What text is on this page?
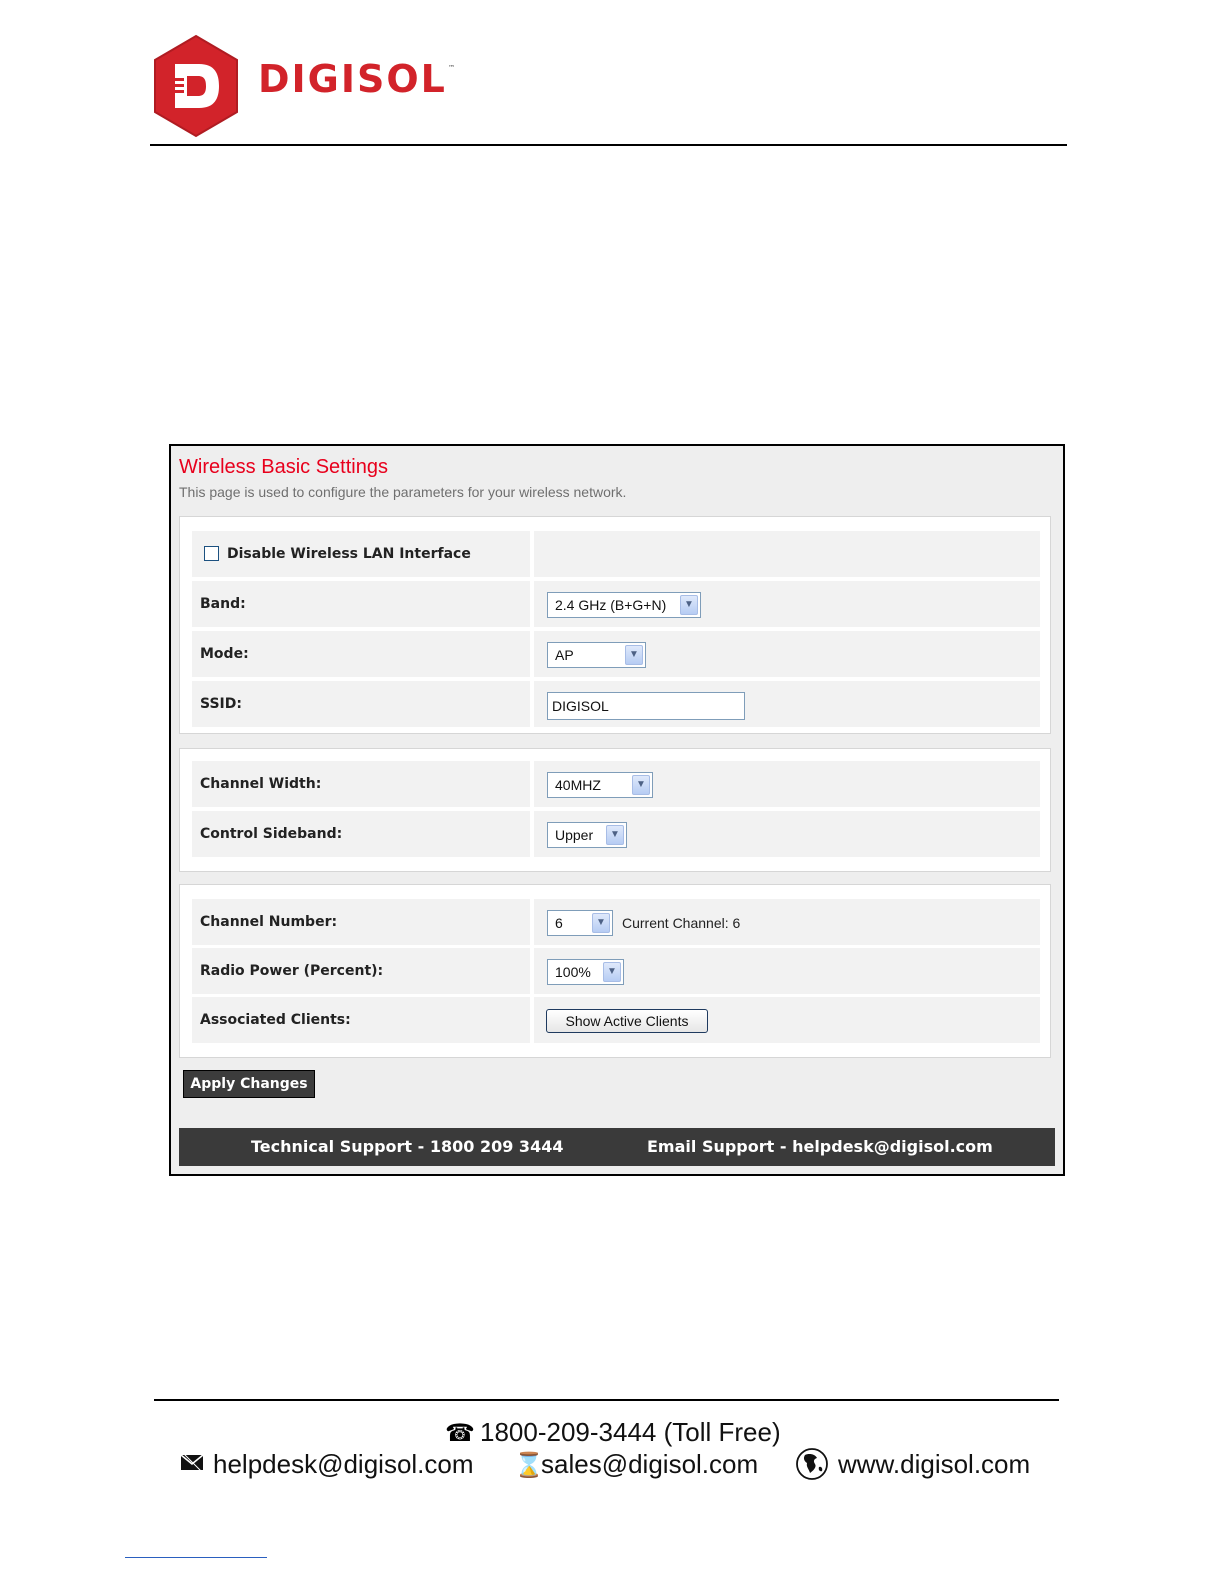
DIGISOL ™
Wireless Basic Settings
This page is used to configure the parameters for your wireless network.
Disable Wireless LAN Interface
Band:	2.4 GHz (B+G+N)	▼
Mode:	AP	▼
SSID:	DIGISOL
Channel Width:	40MHZ	▼
Control Sideband:	Upper	▼
Channel Number:	6	▼ Current Channel: 6
Radio Power (Percent):	100%	▼
Associated Clients:	Show Active Clients
Apply Changes
Technical Support - 1800 209 3444	Email Support - helpdesk@digisol.com
☎ 1800-209-3444 (Toll Free)
helpdesk@digisol.com ⌛
sales@digisol.com	www.digisol.com
